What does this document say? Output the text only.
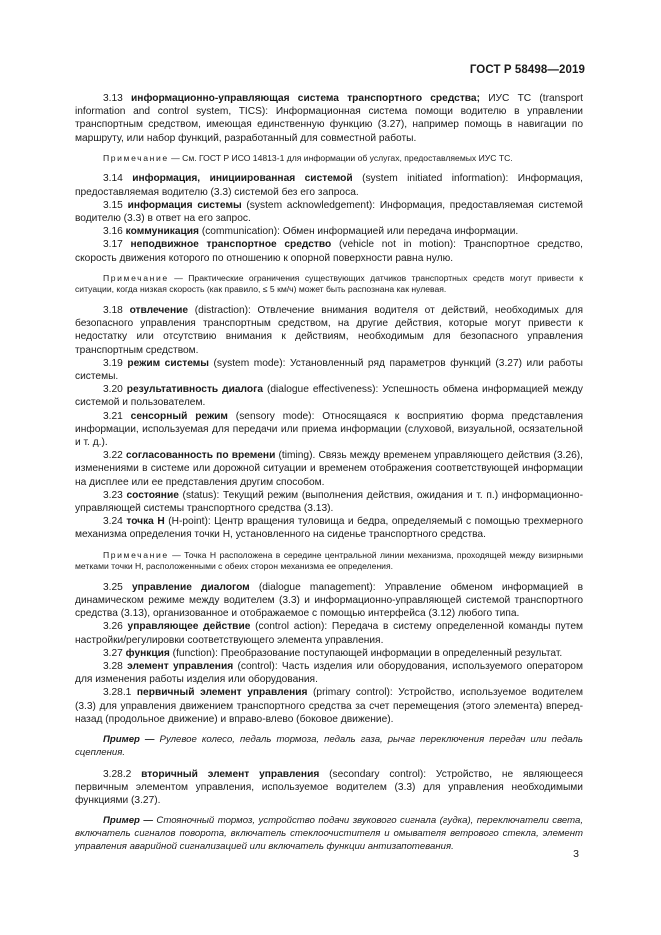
ГОСТ Р 58498—2019

3.13 информационно-управляющая система транспортного средства; ИУС ТС (transport information and control system, TICS): Информационная система помощи водителю в управлении транспортным средством, имеющая единственную функцию (3.27), например помощь в навигации по маршруту, или набор функций, разработанный для совместной работы.

Примечание — См. ГОСТ Р ИСО 14813-1 для информации об услугах, предоставляемых ИУС ТС.

3.14 информация, инициированная системой (system initiated information): Информация, предоставляемая водителю (3.3) системой без его запроса.

3.15 информация системы (system acknowledgement): Информация, предоставляемая системой водителю (3.3) в ответ на его запрос.

3.16 коммуникация (communication): Обмен информацией или передача информации.

3.17 неподвижное транспортное средство (vehicle not in motion): Транспортное средство, скорость движения которого по отношению к опорной поверхности равна нулю.

Примечание — Практические ограничения существующих датчиков транспортных средств могут привести к ситуации, когда низкая скорость (как правило, ≤ 5 км/ч) может быть распознана как нулевая.

3.18 отвлечение (distraction): Отвлечение внимания водителя от действий, необходимых для безопасного управления транспортным средством, на другие действия, которые могут привести к недостатку или отсутствию внимания к действиям, необходимым для безопасного управления транспортным средством.

3.19 режим системы (system mode): Установленный ряд параметров функций (3.27) или работы системы.

3.20 результативность диалога (dialogue effectiveness): Успешность обмена информацией между системой и пользователем.

3.21 сенсорный режим (sensory mode): Относящаяся к восприятию форма представления информации, используемая для передачи или приема информации (слуховой, визуальной, осязательной и т. д.).

3.22 согласованность по времени (timing). Связь между временем управляющего действия (3.26), изменениями в системе или дорожной ситуации и временем отображения соответствующей информации на дисплее или ее представления другим способом.

3.23 состояние (status): Текущий режим (выполнения действия, ожидания и т. п.) информационно-управляющей системы транспортного средства (3.13).

3.24 точка H (H-point): Центр вращения туловища и бедра, определяемый с помощью трехмерного механизма определения точки H, установленного на сиденье транспортного средства.

Примечание — Точка H расположена в середине центральной линии механизма, проходящей между визирными метками точки H, расположенными с обеих сторон механизма ее определения.

3.25 управление диалогом (dialogue management): Управление обменом информацией в динамическом режиме между водителем (3.3) и информационно-управляющей системой транспортного средства (3.13), организованное и отображаемое с помощью интерфейса (3.12) любого типа.

3.26 управляющее действие (control action): Передача в систему определенной команды путем настройки/регулировки соответствующего элемента управления.

3.27 функция (function): Преобразование поступающей информации в определенный результат.

3.28 элемент управления (control): Часть изделия или оборудования, используемого оператором для изменения работы изделия или оборудования.

3.28.1 первичный элемент управления (primary control): Устройство, используемое водителем (3.3) для управления движением транспортного средства за счет перемещения (этого элемента) вперед-назад (продольное движение) и вправо-влево (боковое движение).

Пример — Рулевое колесо, педаль тормоза, педаль газа, рычаг переключения передач или педаль сцепления.

3.28.2 вторичный элемент управления (secondary control): Устройство, не являющееся первичным элементом управления, используемое водителем (3.3) для управления необходимыми функциями (3.27).

Пример — Стояночный тормоз, устройство подачи звукового сигнала (гудка), переключатели света, включатель сигналов поворота, включатель стеклоочистителя и омывателя ветрового стекла, элемент управления аварийной сигнализацией или включатель функции антизапотевания.

3
